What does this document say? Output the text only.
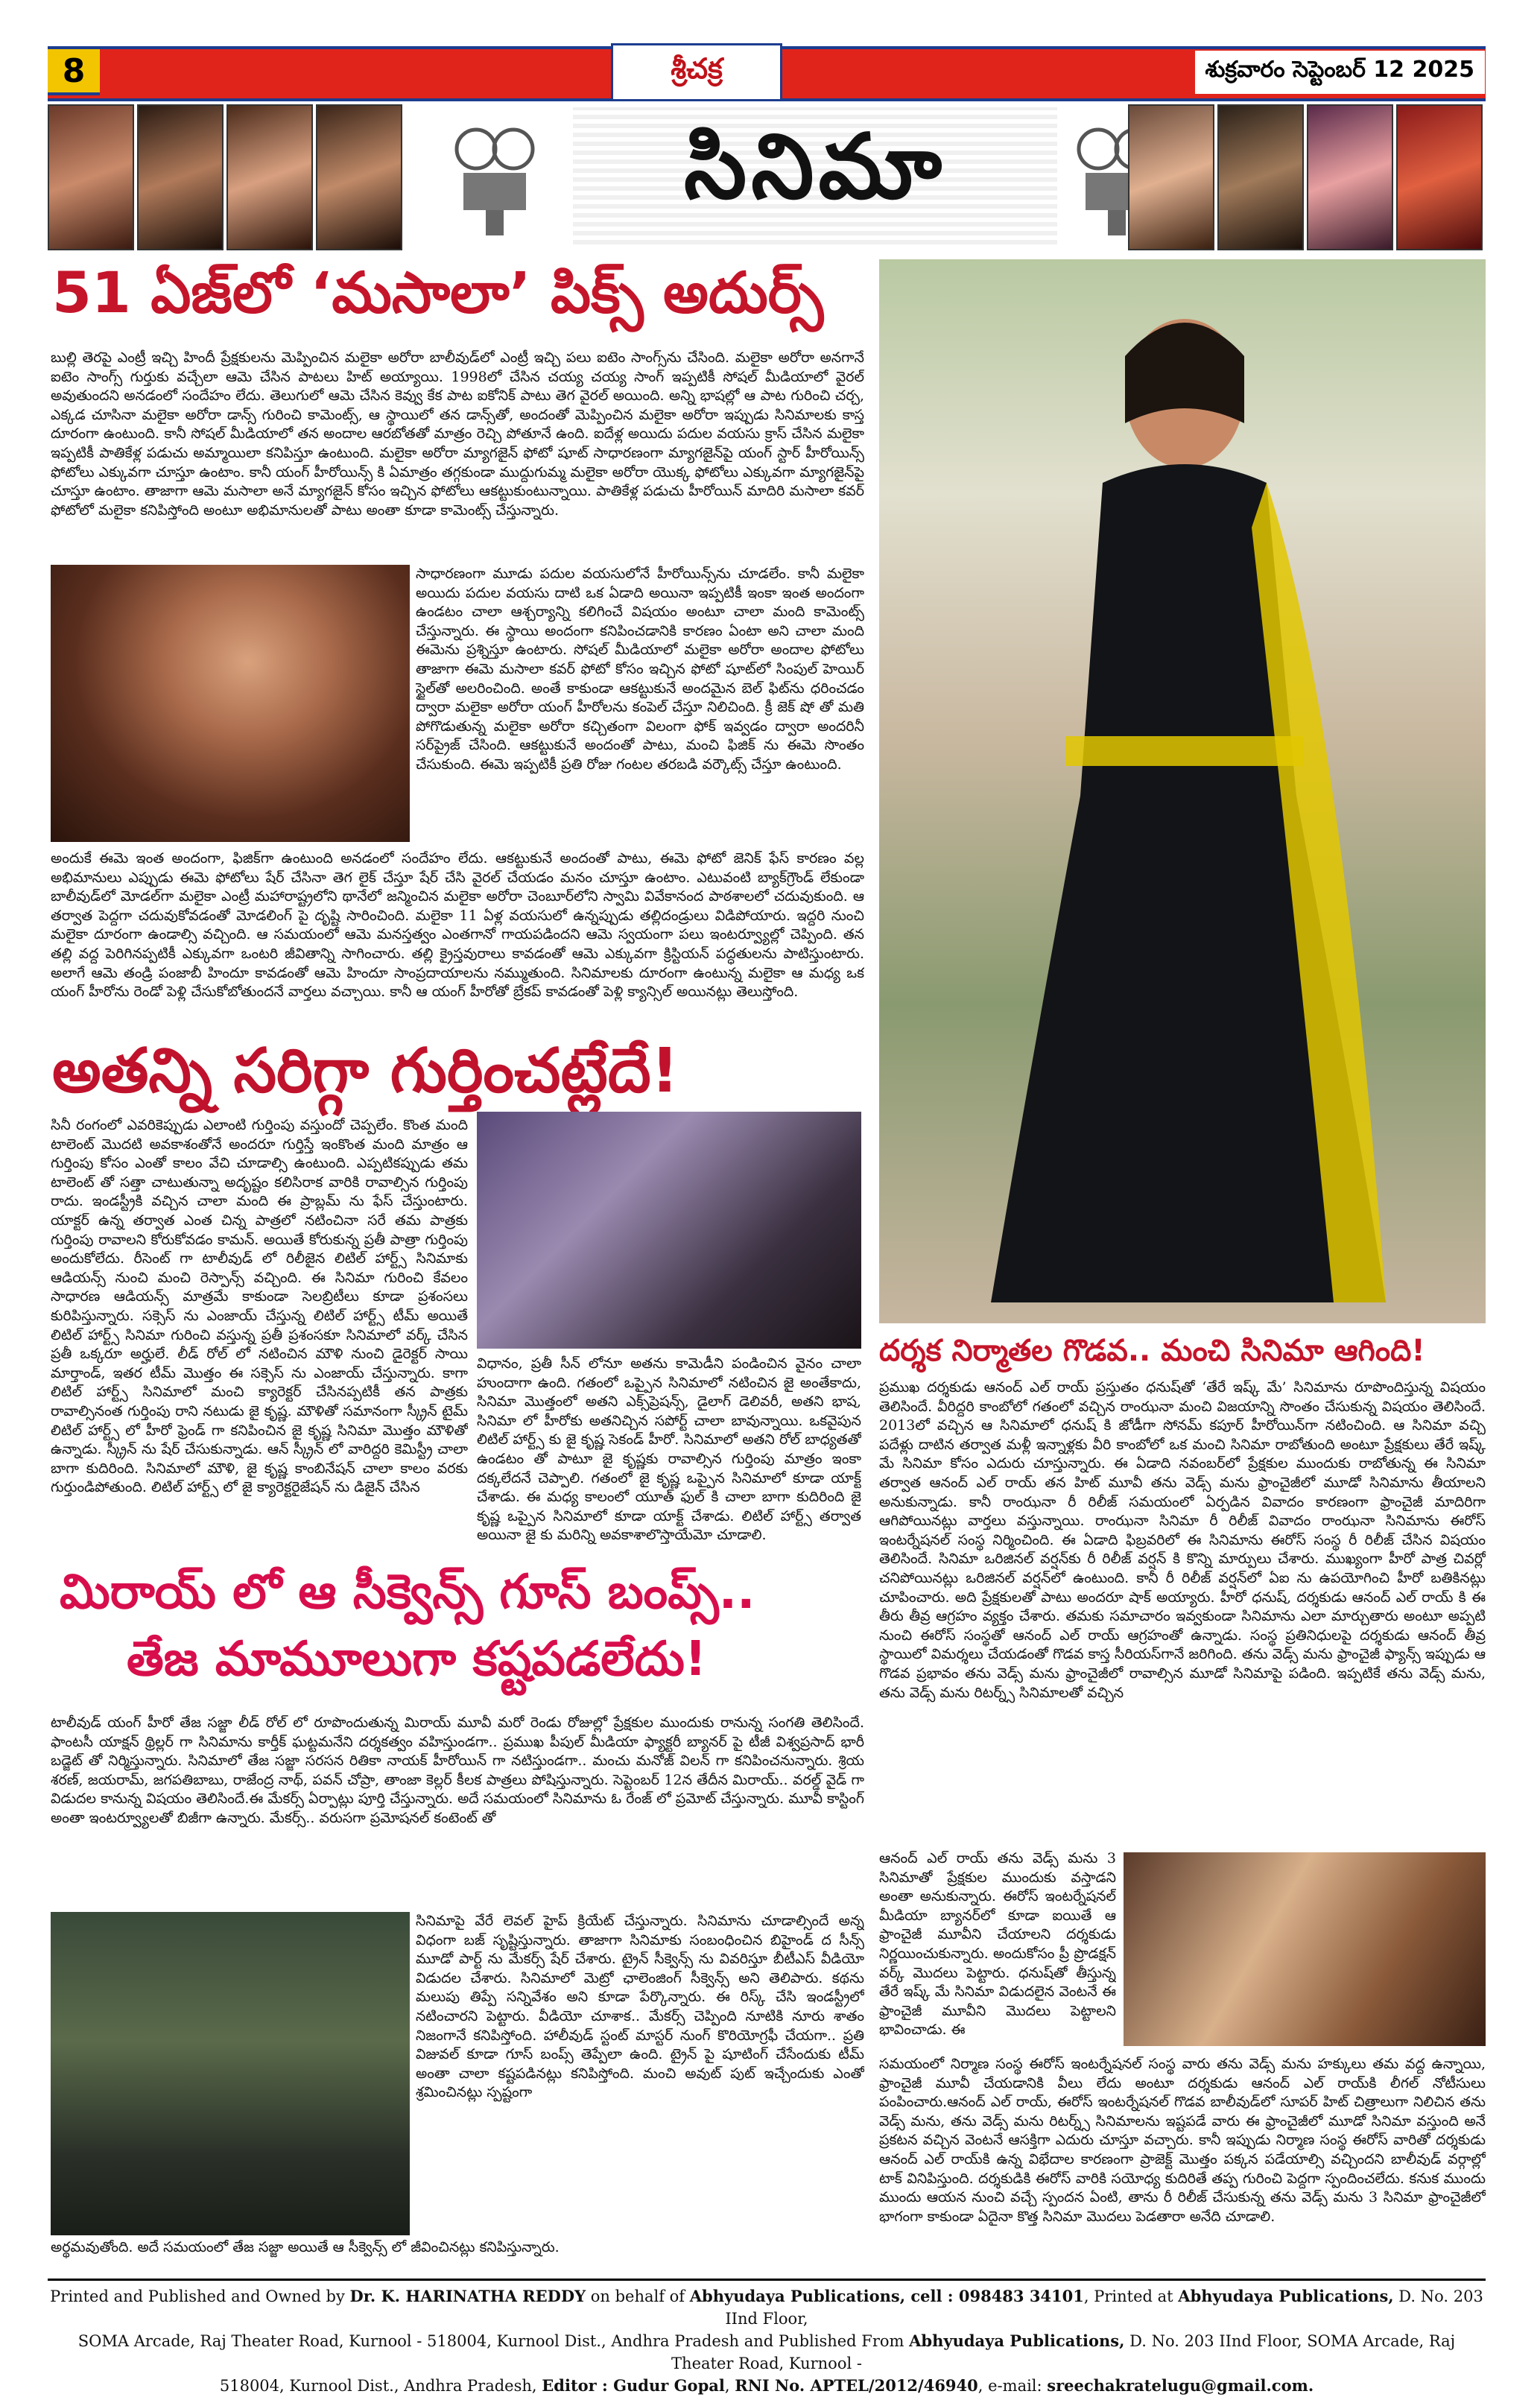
8	శ్రీచక్ర	శుక్రవారం సెప్టెంబర్ 12 2025
సినిమా
51 ఏజ్‌లో ‘మసాలా’ పిక్స్ అదుర్స్
బుల్లి తెరపై ఎంట్రీ ఇచ్చి హిందీ ప్రేక్షకులను మెప్పించిన మలైకా అరోరా బాలీవుడ్‌లో ఎంట్రీ ఇచ్చి పలు ఐటెం సాంగ్స్‌ను చేసింది. మలైకా అరోరా అనగానే ఐటెం సాంగ్స్ గుర్తుకు వచ్చేలా ఆమె చేసిన పాటలు హిట్ అయ్యాయి. 1998లో చేసిన చయ్య చయ్య సాంగ్ ఇప్పటికీ సోషల్ మీడియాలో వైరల్ అవుతుందని అనడంలో సందేహం లేదు. తెలుగులో ఆమె చేసిన కెవ్వు కేక పాట ఐకోనిక్ పాటు తెగ వైరల్ అయింది. అన్ని భాషల్లో ఆ పాట గురించి చర్చ, ఎక్కడ చూసినా మలైకా అరోరా డాన్స్ గురించి కామెంట్స్, ఆ స్థాయిలో తన డాన్స్‌తో, అందంతో మెప్పించిన మలైకా అరోరా ఇప్పుడు సినిమాలకు కాస్త దూరంగా ఉంటుంది. కానీ సోషల్ మీడియాలో తన అందాల ఆరబోతతో మాత్రం రెచ్చి పోతూనే ఉంది. ఐదేళ్ల అయిదు పదుల వయసు క్రాస్ చేసిన మలైకా ఇప్పటికీ పాతికేళ్ల పడుచు అమ్మాయిలా కనిపిస్తూ ఉంటుంది. మలైకా అరోరా మ్యాగజైన్ ఫోటో షూట్ సాధారణంగా మ్యాగజైన్‌పై యంగ్ స్టార్ హీరోయిన్స్ ఫోటోలు ఎక్కువగా చూస్తూ ఉంటాం. కానీ యంగ్ హీరోయిన్స్ కి ఏమాత్రం తగ్గకుండా ముద్దుగుమ్మ మలైకా అరోరా యొక్క ఫోటోలు ఎక్కువగా మ్యాగజైన్‌పై చూస్తూ ఉంటాం. తాజాగా ఆమె మసాలా అనే మ్యాగజైన్ కోసం ఇచ్చిన ఫోటోలు ఆకట్టుకుంటున్నాయి. పాతికేళ్ల పడుచు హీరోయిన్ మాదిరి మసాలా కవర్ ఫోటోలో మలైకా కనిపిస్తోంది అంటూ అభిమానులతో పాటు అంతా కూడా కామెంట్స్ చేస్తున్నారు.
సాధారణంగా మూడు పదుల వయసులోనే హీరోయిన్స్‌ను చూడలేం. కానీ మలైకా అయిదు పదుల వయసు దాటి ఒక ఏడాది అయినా ఇప్పటికీ ఇంకా ఇంత అందంగా ఉండటం చాలా ఆశ్చర్యాన్ని కలిగించే విషయం అంటూ చాలా మంది కామెంట్స్ చేస్తున్నారు. ఈ స్థాయి అందంగా కనిపించడానికి కారణం ఏంటా అని చాలా మంది ఈమెను ప్రశ్నిస్తూ ఉంటారు. సోషల్ మీడియాలో మలైకా అరోరా అందాల ఫోటోలు తాజాగా ఈమె మసాలా కవర్ ఫోటో కోసం ఇచ్చిన ఫోటో షూట్‌లో సింపుల్ హెయిర్ స్టైల్‌తో అలరించింది. అంతే కాకుండా ఆకట్టుకునే అందమైన బెల్ ఫిట్‌ను ధరించడం ద్వారా మలైకా అరోరా యంగ్ హీరోలను కంపెల్ చేస్తూ నిలిచింది. క్రీ జెక్ షో తో మతి పోగొడుతున్న మలైకా అరోరా కచ్చితంగా విలంగా ఫోక్ ఇవ్వడం ద్వారా అందరినీ సర్‌ప్రైజ్ చేసింది. ఆకట్టుకునే అందంతో పాటు, మంచి ఫిజిక్ ను ఈమె సొంతం చేసుకుంది. ఈమె ఇప్పటికీ ప్రతి రోజు గంటల తరబడి వర్కౌట్స్ చేస్తూ ఉంటుంది.
అందుకే ఈమె ఇంత అందంగా, ఫిజిక్‌గా ఉంటుంది అనడంలో సందేహం లేదు. ఆకట్టుకునే అందంతో పాటు, ఈమె ఫోటో జెనిక్ ఫేస్ కారణం వల్ల అభిమానులు ఎప్పుడు ఈమె ఫోటోలు షేర్ చేసినా తెగ లైక్ చేస్తూ షేర్ చేసి వైరల్ చేయడం మనం చూస్తూ ఉంటాం. ఎటువంటి బ్యాక్‌గ్రౌండ్ లేకుండా బాలీవుడ్‌లో మోడల్‌గా మలైకా ఎంట్రీ మహారాష్ట్రలోని థానేలో జన్మించిన మలైకా అరోరా చెంబూర్‌లోని స్వామి వివేకానంద పాఠశాలలో చదువుకుంది. ఆ తర్వాత పెద్దగా చదువుకోవడంతో మోడలింగ్ పై దృష్టి సారించింది. మలైకా 11 ఏళ్ల వయసులో ఉన్నప్పుడు తల్లిదండ్రులు విడిపోయారు. ఇద్దరి నుంచి మలైకా దూరంగా ఉండాల్సి వచ్చింది. ఆ సమయంలో ఆమె మనస్తత్వం ఎంతగానో గాయపడిందని ఆమె స్వయంగా పలు ఇంటర్వ్యూల్లో చెప్పింది. తన తల్లి వద్ద పెరిగినప్పటికీ ఎక్కువగా ఒంటరి జీవితాన్ని సాగించారు. తల్లి క్రైస్తవురాలు కావడంతో ఆమె ఎక్కువగా క్రిస్టియన్ పద్ధతులను పాటిస్తుంటారు. అలాగే ఆమె తండ్రి పంజాబీ హిందూ కావడంతో ఆమె హిందూ సాంప్రదాయాలను నమ్ముతుంది. సినిమాలకు దూరంగా ఉంటున్న మలైకా ఆ మధ్య ఒక యంగ్ హీరోను రెండో పెళ్లి చేసుకోబోతుందనే వార్తలు వచ్చాయి. కానీ ఆ యంగ్ హీరోతో బ్రేకప్ కావడంతో పెళ్లి క్యాన్సిల్ అయినట్లు తెలుస్తోంది.
అతన్ని సరిగ్గా గుర్తించట్లేదే!
సినీ రంగంలో ఎవరికెప్పుడు ఎలాంటి గుర్తింపు వస్తుందో చెప్పలేం. కొంత మంది టాలెంట్ మొదటి అవకాశంతోనే అందరూ గుర్తిస్తే ఇంకొంత మంది మాత్రం ఆ గుర్తింపు కోసం ఎంతో కాలం వేచి చూడాల్సి ఉంటుంది. ఎప్పటికప్పుడు తమ టాలెంట్ తో సత్తా చాటుతున్నా అదృష్టం కలిసిరాక వారికి రావాల్సిన గుర్తింపు రాదు. ఇండస్ట్రీకి వచ్చిన చాలా మంది ఈ ప్రాబ్లమ్ ను ఫేస్ చేస్తుంటారు. యాక్టర్ ఉన్న తర్వాత ఎంత చిన్న పాత్రలో నటించినా సరే తమ పాత్రకు గుర్తింపు రావాలని కోరుకోవడం కామన్. అయితే కోరుకున్న ప్రతీ పాత్రా గుర్తింపు అందుకోలేదు. రీసెంట్ గా టాలీవుడ్ లో రిలీజైన లిటిల్ హార్ట్స్ సినిమాకు ఆడియన్స్ నుంచి మంచి రెస్పాన్స్ వచ్చింది. ఈ సినిమా గురించి కేవలం సాధారణ ఆడియన్స్ మాత్రమే కాకుండా సెలబ్రిటీలు కూడా ప్రశంసలు కురిపిస్తున్నారు. సక్సెస్ ను ఎంజాయ్ చేస్తున్న లిటిల్ హార్ట్స్ టీమ్ అయితే లిటిల్ హార్ట్స్ సినిమా గురించి వస్తున్న ప్రతీ ప్రశంసకూ సినిమాలో వర్క్ చేసిన ప్రతీ ఒక్కరూ అర్హులే. లీడ్ రోల్ లో నటించిన మౌళి నుంచి డైరెక్టర్ సాయి మార్తాండ్, ఇతర టీమ్ మొత్తం ఈ సక్సెస్ ను ఎంజాయ్ చేస్తున్నారు. కాగా లిటిల్ హార్ట్స్ సినిమాలో మంచి క్యారెక్టర్ చేసినప్పటికీ తన పాత్రకు రావాల్సినంత గుర్తింపు రాని నటుడు జై కృష్ణ. మౌళితో సమానంగా స్క్రీన్ టైమ్ లిటిల్ హార్ట్స్ లో హీరో ఫ్రెండ్ గా కనిపించిన జై కృష్ణ సినిమా మొత్తం మౌళితో ఉన్నాడు. స్క్రీన్ ను షేర్ చేసుకున్నాడు. ఆన్ స్క్రీన్ లో వారిద్దరి కెమిస్ట్రీ చాలా బాగా కుదిరింది. సినిమాలో మౌళి, జై కృష్ణ కాంబినేషన్ చాలా కాలం వరకు గుర్తుండిపోతుంది. లిటిల్ హార్ట్స్ లో జై క్యారెక్టరైజేషన్ ను డిజైన్ చేసిన
విధానం, ప్రతీ సీన్ లోనూ అతను కామెడీని పండించిన వైనం చాలా హుందాగా ఉంది. గతంలో ఒప్పైన సినిమాలో నటించిన జై అంతేకాదు, సినిమా మొత్తంలో అతని ఎక్స్‌ప్రెషన్స్, డైలాగ్ డెలివరీ, అతని భాష, సినిమా లో హీరోకు అతనిచ్చిన సపోర్ట్ చాలా బావున్నాయి. ఒకవైపున లిటిల్ హార్ట్స్ కు జై కృష్ణ సెకండ్ హీరో. సినిమాలో అతని రోల్ బాధ్యతతో ఉండటం తో పాటూ జై కృష్ణకు రావాల్సిన గుర్తింపు మాత్రం ఇంకా దక్కలేదనే చెప్పాలి. గతంలో జై కృష్ణ ఒప్పైన సినిమాలో కూడా యాక్ట్ చేశాడు. ఈ మధ్య కాలంలో యూత్ ఫుల్ కి చాలా బాగా కుదిరింది జై కృష్ణ ఒప్పైన సినిమాలో కూడా యాక్ట్ చేశాడు. లిటిల్ హార్ట్స్ తర్వాత అయినా జై కు మరిన్ని అవకాశాలొస్తాయేమో చూడాలి.
దర్శక నిర్మాతల గొడవ.. మంచి సినిమా ఆగింది!
మిరాయ్ లో ఆ సీక్వెన్స్ గూస్ బంప్స్..
తేజ మామూలుగా కష్టపడలేదు!
టాలీవుడ్ యంగ్ హీరో తేజ సజ్జా లీడ్ రోల్ లో రూపొందుతున్న మిరాయ్ మూవీ మరో రెండు రోజుల్లో ప్రేక్షకుల ముందుకు రానున్న సంగతి తెలిసిందే. ఫాంటసీ యాక్షన్ థ్రిల్లర్ గా సినిమాను కార్తీక్ ఘట్టమనేని దర్శకత్వం వహిస్తుండగా.. ప్రముఖ పీపుల్ మీడియా ఫ్యాక్టరీ బ్యానర్ పై టీజీ విశ్వప్రసాద్ భారీ బడ్జెట్ తో నిర్మిస్తున్నారు. సినిమాలో తేజ సజ్జా సరసన రితికా నాయక్ హీరోయిన్ గా నటిస్తుండగా.. మంచు మనోజ్ విలన్ గా కనిపించనున్నారు. శ్రియ శరణ్, జయరామ్, జగపతిబాబు, రాజేంద్ర నాథ్, పవన్ చోప్రా, తాంజా కెల్లర్ కీలక పాత్రలు పోషిస్తున్నారు. సెప్టెంబర్ 12న తేదీన మిరాయ్.. వరల్డ్ వైడ్ గా విడుదల కానున్న విషయం తెలిసిందే.ఈ మేకర్స్ ఏర్పాట్లు పూర్తి చేస్తున్నారు. అదే సమయంలో సినిమాను ఓ రేంజ్ లో ప్రమోట్ చేస్తున్నారు. మూవీ కాస్టింగ్ అంతా ఇంటర్వ్యూలతో బిజీగా ఉన్నారు. మేకర్స్.. వరుసగా ప్రమోషనల్ కంటెంట్ తో
సినిమాపై వేరే లెవల్ హైప్ క్రియేట్ చేస్తున్నారు. సినిమాను చూడాల్సిందే అన్న విధంగా బజ్ సృష్టిస్తున్నారు. తాజాగా సినిమాకు సంబంధించిన బిహైండ్ ద సీన్స్ మూడో పార్ట్ ను మేకర్స్ షేర్ చేశారు. ట్రైన్ సీక్వెన్స్ ను వివరిస్తూ బీటీఎస్ వీడియో విడుదల చేశారు. సినిమాలో మెట్రో ఛాలెంజింగ్ సీక్వెన్స్ అని తెలిపారు. కథను మలుపు తిప్పే సన్నివేశం అని కూడా పేర్కొన్నారు. ఈ రిస్క్ చేసి ఇండస్ట్రీలో నటించారని పెట్టారు. వీడియో చూశాక.. మేకర్స్ చెప్పింది నూటికి నూరు శాతం నిజంగానే కనిపిస్తోంది. హాలీవుడ్ స్టంట్ మాస్టర్ నుంగ్ కొరియోగ్రఫీ చేయగా.. ప్రతి విజువల్ కూడా గూస్ బంప్స్ తెప్పేలా ఉంది. ట్రైన్ పై షూటింగ్ చేసేందుకు టీమ్ అంతా చాలా కష్టపడినట్లు కనిపిస్తోంది. మంచి అవుట్ పుట్ ఇచ్చేందుకు ఎంతో శ్రమించినట్లు స్పష్టంగా
అర్థమవుతోంది. అదే సమయంలో తేజ సజ్జా అయితే ఆ సీక్వెన్స్ లో జీవించినట్లు కనిపిస్తున్నారు.
ప్రముఖ దర్శకుడు ఆనంద్ ఎల్ రాయ్ ప్రస్తుతం ధనుష్‌తో ‘తేరే ఇష్క్ మే’ సినిమాను రూపొందిస్తున్న విషయం తెలిసిందే. వీరిద్దరి కాంబోలో గతంలో వచ్చిన రాంఝనా మంచి విజయాన్ని సొంతం చేసుకున్న విషయం తెలిసిందే. 2013లో వచ్చిన ఆ సినిమాలో ధనుష్ కి జోడీగా సోనమ్ కపూర్ హీరోయిన్‌గా నటించింది. ఆ సినిమా వచ్చి పదేళ్లు దాటిన తర్వాత మళ్లీ ఇన్నాళ్లకు వీరి కాంబోలో ఒక మంచి సినిమా రాబోతుంది అంటూ ప్రేక్షకులు తేరే ఇష్క్ మే సినిమా కోసం ఎదురు చూస్తున్నారు. ఈ ఏడాది నవంబర్‌లో ప్రేక్షకుల ముందుకు రాబోతున్న ఈ సినిమా తర్వాత ఆనంద్ ఎల్ రాయ్ తన హిట్ మూవీ తను వెడ్స్ మను ఫ్రాంచైజీలో మూడో సినిమాను తీయాలని అనుకున్నాడు. కానీ రాంఝనా రీ రిలీజ్ సమయంలో ఏర్పడిన వివాదం కారణంగా ఫ్రాంచైజీ మాదిరిగా ఆగిపోయినట్లు వార్తలు వస్తున్నాయి. రాంఝనా సినిమా రీ రిలీజ్ వివాదం రాంఝనా సినిమాను ఈరోస్ ఇంటర్నేషనల్ సంస్థ నిర్మించింది. ఈ ఏడాది ఫిబ్రవరిలో ఈ సినిమాను ఈరోస్ సంస్థ రీ రిలీజ్ చేసిన విషయం తెలిసిందే. సినిమా ఒరిజినల్ వర్షన్‌కు రీ రిలీజ్ వర్షన్ కి కొన్ని మార్పులు చేశారు. ముఖ్యంగా హీరో పాత్ర చివర్లో చనిపోయినట్లు ఒరిజినల్ వర్షన్‌లో ఉంటుంది. కానీ రీ రిలీజ్ వర్షన్‌లో ఏఐ ను ఉపయోగించి హీరో బతికినట్లు చూపించారు. అది ప్రేక్షకులతో పాటు అందరూ షాక్ అయ్యారు. హీరో ధనుష్, దర్శకుడు ఆనంద్ ఎల్ రాయ్ కి ఈ తీరు తీవ్ర ఆగ్రహం వ్యక్తం చేశారు. తమకు సమాచారం ఇవ్వకుండా సినిమాను ఎలా మార్చుతారు అంటూ అప్పటి నుంచి ఈరోస్ సంస్థతో ఆనంద్ ఎల్ రాయ్ ఆగ్రహంతో ఉన్నాడు. సంస్థ ప్రతినిధులపై దర్శకుడు ఆనంద్ తీవ్ర స్థాయిలో విమర్శలు చేయడంతో గొడవ కాస్త సీరియస్‌గానే జరిగింది. తను వెడ్స్ మను ఫ్రాంచైజీ ఫ్యాన్స్ ఇప్పుడు ఆ గొడవ ప్రభావం తను వెడ్స్ మను ఫ్రాంచైజీలో రావాల్సిన మూడో సినిమాపై పడింది. ఇప్పటికే తను వెడ్స్ మను, తను వెడ్స్ మను రిటర్న్స్ సినిమాలతో వచ్చిన
ఆనంద్ ఎల్ రాయ్ తను వెడ్స్ మను 3 సినిమాతో ప్రేక్షకుల ముందుకు వస్తాడని అంతా అనుకున్నారు. ఈరోస్ ఇంటర్నేషనల్ మీడియా బ్యానర్‌లో కూడా ఐయితే ఆ ఫ్రాంచైజీ మూవీని చేయాలని దర్శకుడు నిర్ణయించుకున్నారు. అందుకోసం ప్రీ ప్రొడక్షన్ వర్క్ మొదలు పెట్టారు. ధనుష్‌తో తీస్తున్న తేరే ఇష్క్ మే సినిమా విడుదలైన వెంటనే ఈ ఫ్రాంచైజీ మూవీని మొదలు పెట్టాలని భావించాడు. ఈ
సమయంలో నిర్మాణ సంస్థ ఈరోస్ ఇంటర్నేషనల్ సంస్థ వారు తను వెడ్స్ మను హక్కులు తమ వద్ద ఉన్నాయి, ఫ్రాంచైజీ మూవీ చేయడానికి వీలు లేదు అంటూ దర్శకుడు ఆనంద్ ఎల్ రాయ్‌కి లీగల్ నోటీసులు పంపించారు.ఆనంద్ ఎల్ రాయ్, ఈరోస్ ఇంటర్నేషనల్ గొడవ బాలీవుడ్‌లో సూపర్ హిట్ చిత్రాలుగా నిలిచిన తను వెడ్స్ మను, తను వెడ్స్ మను రిటర్న్స్ సినిమాలను ఇష్టపడే వారు ఈ ఫ్రాంచైజీలో మూడో సినిమా వస్తుంది అనే ప్రకటన వచ్చిన వెంటనే ఆసక్తిగా ఎదురు చూస్తూ వచ్చారు. కానీ ఇప్పుడు నిర్మాణ సంస్థ ఈరోస్ వారితో దర్శకుడు ఆనంద్ ఎల్ రాయ్‌కి ఉన్న విభేదాల కారణంగా ప్రాజెక్ట్ మొత్తం పక్కన పడేయాల్సి వచ్చిందని బాలీవుడ్ వర్గాల్లో టాక్ వినిపిస్తుంది. దర్శకుడికి ఈరోస్ వారికి సయోధ్య కుదిరితే తప్ప గురించి పెద్దగా స్పందించలేదు. కనుక ముందు ముందు ఆయన నుంచి వచ్చే స్పందన ఏంటి, తాను రీ రిలీజ్ చేసుకున్న తను వెడ్స్ మను 3 సినిమా ఫ్రాంచైజీలో భాగంగా కాకుండా ఏదైనా కొత్త సినిమా మొదలు పెడతారా అనేది చూడాలి.
Printed and Published and Owned by Dr. K. HARINATHA REDDY on behalf of Abhyudaya Publications, cell : 098483 34101, Printed at Abhyudaya Publications, D. No. 203 IInd Floor,
SOMA Arcade, Raj Theater Road, Kurnool - 518004, Kurnool Dist., Andhra Pradesh and Published From Abhyudaya Publications, D. No. 203 IInd Floor, SOMA Arcade, Raj Theater Road, Kurnool -
518004, Kurnool Dist., Andhra Pradesh, Editor : Gudur Gopal, RNI No. APTEL/2012/46940, e-mail: sreechakratelugu@gmail.com.
